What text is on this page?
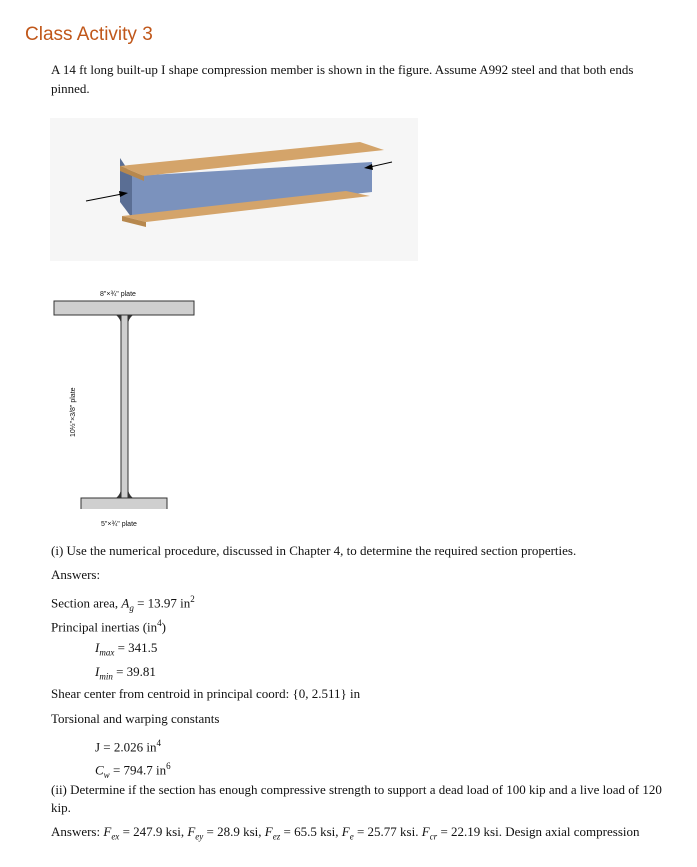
Class Activity 3
A 14 ft long built-up I shape compression member is shown in the figure. Assume A992 steel and that both ends pinned.
8"×¾" plate
10½"×3/8" plate
5"×¾" plate
(i) Use the numerical procedure, discussed in Chapter 4, to determine the required section properties.
Answers:
Section area, $A_g = 13.97$ $in^2$
Principal inertias $(in^4)$
$I_{max} = 341.5$
$I_{min} = 39.81$
Shear center from centroid in principal coord: {0, 2.511} in
Torsional and warping constants
J = 2.026 $in^4$
$C_w = 794.7$ $in^6$
(ii) Determine if the section has enough compressive strength to support a dead load of 100 kip and a live load of 120 kip.
Answers: $F_{ex} = 247.9$ ksi, $F_{ey} = 28.9$ ksi, $F_{ez} = 65.5$ ksi, $F_e = 25.77$ ksi. $F_{cr} = 22.19$ ksi. Design axial compression
